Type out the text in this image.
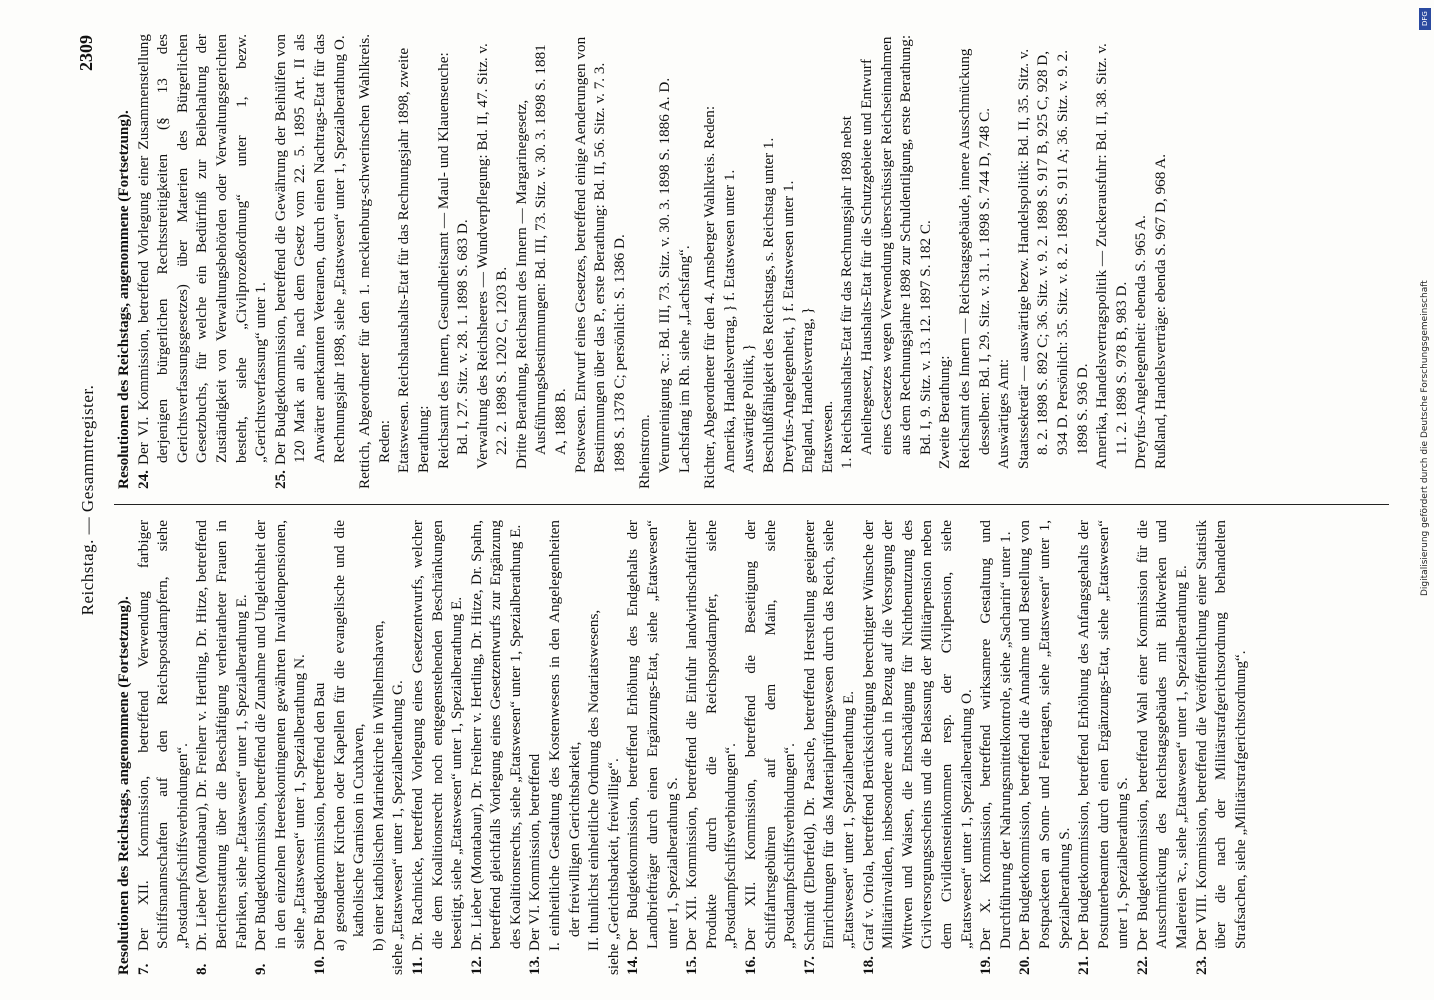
Reichstag. — Gesammtregister.
2309
Resolutionen des Reichstags, angenommene (Fortsetzung). 7.Der XII. Kommission, betreffend Verwendung farbiger Schiffsmannschaften auf den Reichspostdampfern, siehe „Postdampfschiffsverbindungen“.
8.Dr. Lieber (Montabaur), Dr. Freiherr v. Hertling, Dr. Hitze, betreffend Berichterstattung über die Beschäftigung verheiratheter Frauen in Fabriken, siehe „Etatswesen“ unter 1, Spezialberathung E.
9.Der Budgetkommission, betreffend die Zunahme und Ungleichheit der in den einzelnen Heereskontingenten gewährten Invalidenpensionen, siehe „Etatswesen“ unter 1, Spezialberathung N.
10.Der Budgetkommission, betreffend den Bau a) gesonderter Kirchen oder Kapellen für die evangelische und die katholische Garnison in Cuxhaven, b) einer katholischen Marinekirche in Wilhelmshaven, siehe „Etatswesen“ unter 1, Spezialberathung G. 11.Dr. Rachnicke, betreffend Vorlegung eines Gesetzentwurfs, welcher die dem Koalitionsrecht noch entgegenstehenden Beschränkungen beseitigt, siehe „Etatswesen“ unter 1, Spezialberathung E.
12.Dr. Lieber (Montabaur), Dr. Freiherr v. Hertling, Dr. Hitze, Dr. Spahn, betreffend gleichfalls Vorlegung eines Gesetzentwurfs zur Ergänzung des Koalitionsrechts, siehe „Etatswesen“ unter 1, Spezialberathung E.
13.Der VI. Kommission, betreffend I. einheitliche Gestaltung des Kostenwesens in den Angelegenheiten der freiwilligen Gerichtsbarkeit, II. thunlichst einheitliche Ordnung des Notariatswesens, siehe „Gerichtsbarkeit, freiwillige“. 14.Der Budgetkommission, betreffend Erhöhung des Endgehalts der Landbriefträger durch einen Ergänzungs-Etat, siehe „Etatswesen“ unter 1, Spezialberathung S.
15.Der XII. Kommission, betreffend die Einfuhr landwirthschaftlicher Produkte durch die Reichspostdampfer, siehe „Postdampfschiffsverbindungen“.
16.Der XII. Kommission, betreffend die Beseitigung der Schiffahrtsgebühren auf dem Main, siehe „Postdampfschiffsverbindungen“.
17.Schmidt (Elberfeld), Dr. Paasche, betreffend Herstellung geeigneter Einrichtungen für das Materialprüfungswesen durch das Reich, siehe „Etatswesen“ unter 1, Spezialberathung E.
18.Graf v. Oriola, betreffend Berücksichtigung berechtigter Wünsche der Militärinvaliden, insbesondere auch in Bezug auf die Versorgung der Wittwen und Waisen, die Entschädigung für Nichtbenutzung des Civilversorgungsscheins und die Belassung der Militärpension neben dem Civildiensteinkommen resp. der Civilpension, siehe „Etatswesen“ unter 1, Spezialberathung O.
19.Der X. Kommission, betreffend wirksamere Gestaltung und Durchführung der Nahrungsmittelkontrole, siehe „Sacharin“ unter 1.
20.Der Budgetkommission, betreffend die Annahme und Bestellung von Postpacketen an Sonn- und Feiertagen, siehe „Etatswesen“ unter 1, Spezialberathung S.
21.Der Budgetkommission, betreffend Erhöhung des Anfangsgehalts der Postunterbeamten durch einen Ergänzungs-Etat, siehe „Etatswesen“ unter 1, Spezialberathung S.
22.Der Budgetkommission, betreffend Wahl einer Kommission für die Ausschmückung des Reichstagsgebäudes mit Bildwerken und Malereien ꝛc., siehe „Etatswesen“ unter 1, Spezialberathung E.
23.Der VIII. Kommission, betreffend die Veröffentlichung einer Statistik über die nach der Militärstrafgerichtsordnung behandelten Strafsachen, siehe „Militärstrafgerichtsordnung“.
Resolutionen des Reichstags, angenommene (Fortsetzung). 24.Der VI. Kommission, betreffend Vorlegung einer Zusammenstellung derjenigen bürgerlichen Rechtsstreitigkeiten (§ 13 des Gerichtsverfassungsgesetzes) über Materien des Bürgerlichen Gesetzbuchs, für welche ein Bedürfniß zur Beibehaltung der Zuständigkeit von Verwaltungsbehörden oder Verwaltungsgerichten besteht, siehe „Civilprozeßordnung“ unter 1, bezw. „Gerichtsverfassung“ unter 1.
25.Der Budgetkommission, betreffend die Gewährung der Beihülfen von 120 Mark an alle, nach dem Gesetz vom 22. 5. 1895 Art. II als Anwärter anerkannten Veteranen, durch einen Nachtrags-Etat für das Rechnungsjahr 1898, siehe „Etatswesen“ unter 1, Spezialberathung O. Rettich, Abgeordneter für den 1. mecklenburg-schwerinschen Wahlkreis. Reden: Etatswesen. Reichshaushalts-Etat für das Rechnungsjahr 1898, zweite Berathung: Reichsamt des Innern, Gesundheitsamt — Maul- und Klauenseuche: Bd. I, 27. Sitz. v. 28. 1. 1898 S. 683 D. Verwaltung des Reichsheeres — Wundverpflegung: Bd. II, 47. Sitz. v. 22. 2. 1898 S. 1202 C, 1203 B. Dritte Berathung, Reichsamt des Innern — Margarinegesetz, Ausführungsbestimmungen: Bd. III, 73. Sitz. v. 30. 3. 1898 S. 1881 A, 1888 B. Postwesen. Entwurf eines Gesetzes, betreffend einige Aenderungen von Bestimmungen über das P., erste Berathung: Bd. II, 56. Sitz. v. 7. 3. 1898 S. 1378 C; persönlich: S. 1386 D. Rheinstrom. Verunreinigung ꝛc.: Bd. III, 73. Sitz. v. 30. 3. 1898 S. 1886 A. D. Lachsfang im Rh. siehe „Lachsfang“. Richter, Abgeordneter für den 4. Arnsberger Wahlkreis. Reden: Amerika, Handelsvertrag, } f. Etatswesen unter 1. Auswärtige Politik, } Beschlußfähigkeit des Reichstags, s. Reichstag unter 1. Dreyfus-Angelegenheit, } f. Etatswesen unter 1. England, Handelsvertrag, } Etatswesen. 1. Reichshaushalts-Etat für das Rechnungsjahr 1898 nebst Anleihegesetz, Haushalts-Etat für die Schutzgebiete und Entwurf eines Gesetzes wegen Verwendung überschüssiger Reichseinnahmen aus dem Rechnungsjahre 1898 zur Schuldentilgung, erste Berathung: Bd. I, 9. Sitz. v. 13. 12. 1897 S. 182 C. Zweite Berathung: Reichsamt des Innern — Reichstagsgebäude, innere Ausschmückung desselben: Bd. I, 29. Sitz. v. 31. 1. 1898 S. 744 D, 748 C. Auswärtiges Amt: Staatssekretär — auswärtige bezw. Handelspolitik: Bd. II, 35. Sitz. v. 8. 2. 1898 S. 892 C; 36. Sitz. v. 9. 2. 1898 S. 917 B, 925 C, 928 D, 934 D. Persönlich: 35. Sitz. v. 8. 2. 1898 S. 911 A; 36. Sitz. v. 9. 2. 1898 S. 936 D. Amerika, Handelsvertragspolitik — Zuckerausfuhr: Bd. II, 38. Sitz. v. 11. 2. 1898 S. 978 B, 983 D. Dreyfus-Angelegenheit: ebenda S. 965 A. Rußland, Handelsverträge: ebenda S. 967 D, 968 A.
DFG
Digitalisierung gefördert durch die Deutsche Forschungsgemeinschaft
